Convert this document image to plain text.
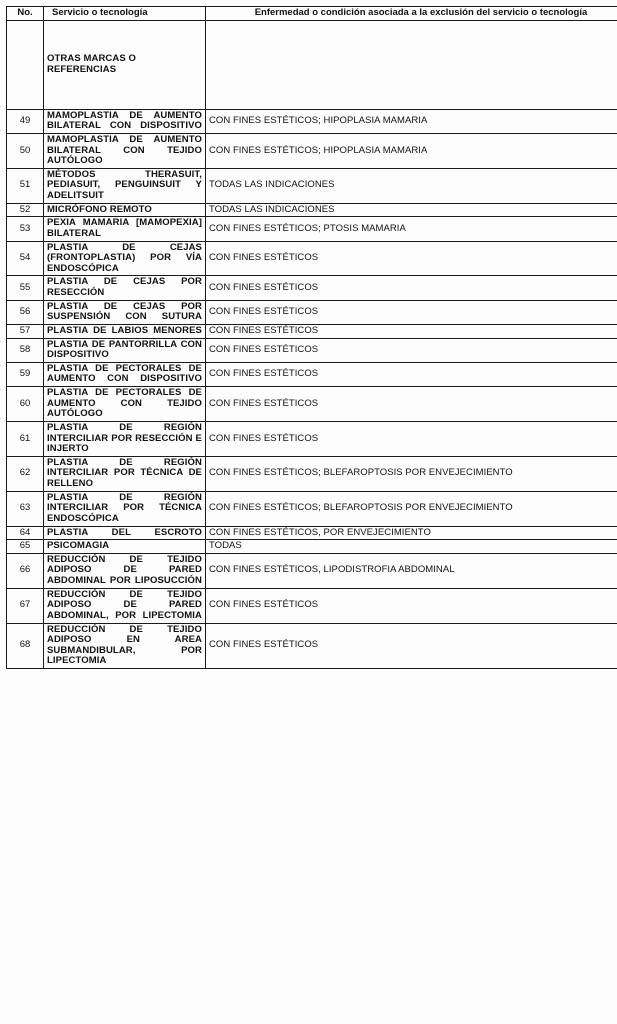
No.	Servicio o tecnología	Enfermedad o condición asociada a la exclusión del servicio o tecnología
	OTRAS MARCAS O REFERENCIAS	
49	MAMOPLASTIA DE AUMENTO BILATERAL CON DISPOSITIVO	CON FINES ESTÉTICOS; HIPOPLASIA MAMARIA
50	MAMOPLASTIA DE AUMENTO BILATERAL CON TEJIDO AUTÓLOGO	CON FINES ESTÉTICOS; HIPOPLASIA MAMARIA
51	MÉTODOS THERASUIT, PEDIASUIT, PENGUINSUIT Y ADELITSUIT	TODAS LAS INDICACIONES
52	MICRÓFONO REMOTO	TODAS LAS INDICACIONES
53	PEXIA MAMARIA [MAMOPEXIA] BILATERAL	CON FINES ESTÉTICOS; PTOSIS MAMARIA
54	PLASTIA DE CEJAS (FRONTOPLASTIA) POR VÍA ENDOSCÓPICA	CON FINES ESTÉTICOS
55	PLASTIA DE CEJAS POR RESECCIÓN	CON FINES ESTÉTICOS
56	PLASTIA DE CEJAS POR SUSPENSIÓN CON SUTURA	CON FINES ESTÉTICOS
57	PLASTIA DE LABIOS MENORES	CON FINES ESTÉTICOS
58	PLASTIA DE PANTORRILLA CON DISPOSITIVO	CON FINES ESTÉTICOS
59	PLASTIA DE PECTORALES DE AUMENTO CON DISPOSITIVO	CON FINES ESTÉTICOS
60	PLASTIA DE PECTORALES DE AUMENTO CON TEJIDO AUTÓLOGO	CON FINES ESTÉTICOS
61	PLASTIA DE REGIÓN INTERCILIAR POR RESECCIÓN E INJERTO	CON FINES ESTÉTICOS
62	PLASTIA DE REGIÓN INTERCILIAR POR TÉCNICA DE RELLENO	CON FINES ESTÉTICOS; BLEFAROPTOSIS POR ENVEJECIMIENTO
63	PLASTIA DE REGIÓN INTERCILIAR POR TÉCNICA ENDOSCÓPICA	CON FINES ESTÉTICOS; BLEFAROPTOSIS POR ENVEJECIMIENTO
64	PLASTIA DEL ESCROTO	CON FINES ESTÉTICOS, POR ENVEJECIMIENTO
65	PSICOMAGIA	TODAS
66	REDUCCIÓN DE TEJIDO ADIPOSO DE PARED ABDOMINAL POR LIPOSUCCIÓN	CON FINES ESTÉTICOS, LIPODISTROFIA ABDOMINAL
67	REDUCCIÓN DE TEJIDO ADIPOSO DE PARED ABDOMINAL, POR LIPECTOMIA	CON FINES ESTÉTICOS
68	REDUCCIÓN DE TEJIDO ADIPOSO EN AREA SUBMANDIBULAR, POR LIPECTOMIA	CON FINES ESTÉTICOS
